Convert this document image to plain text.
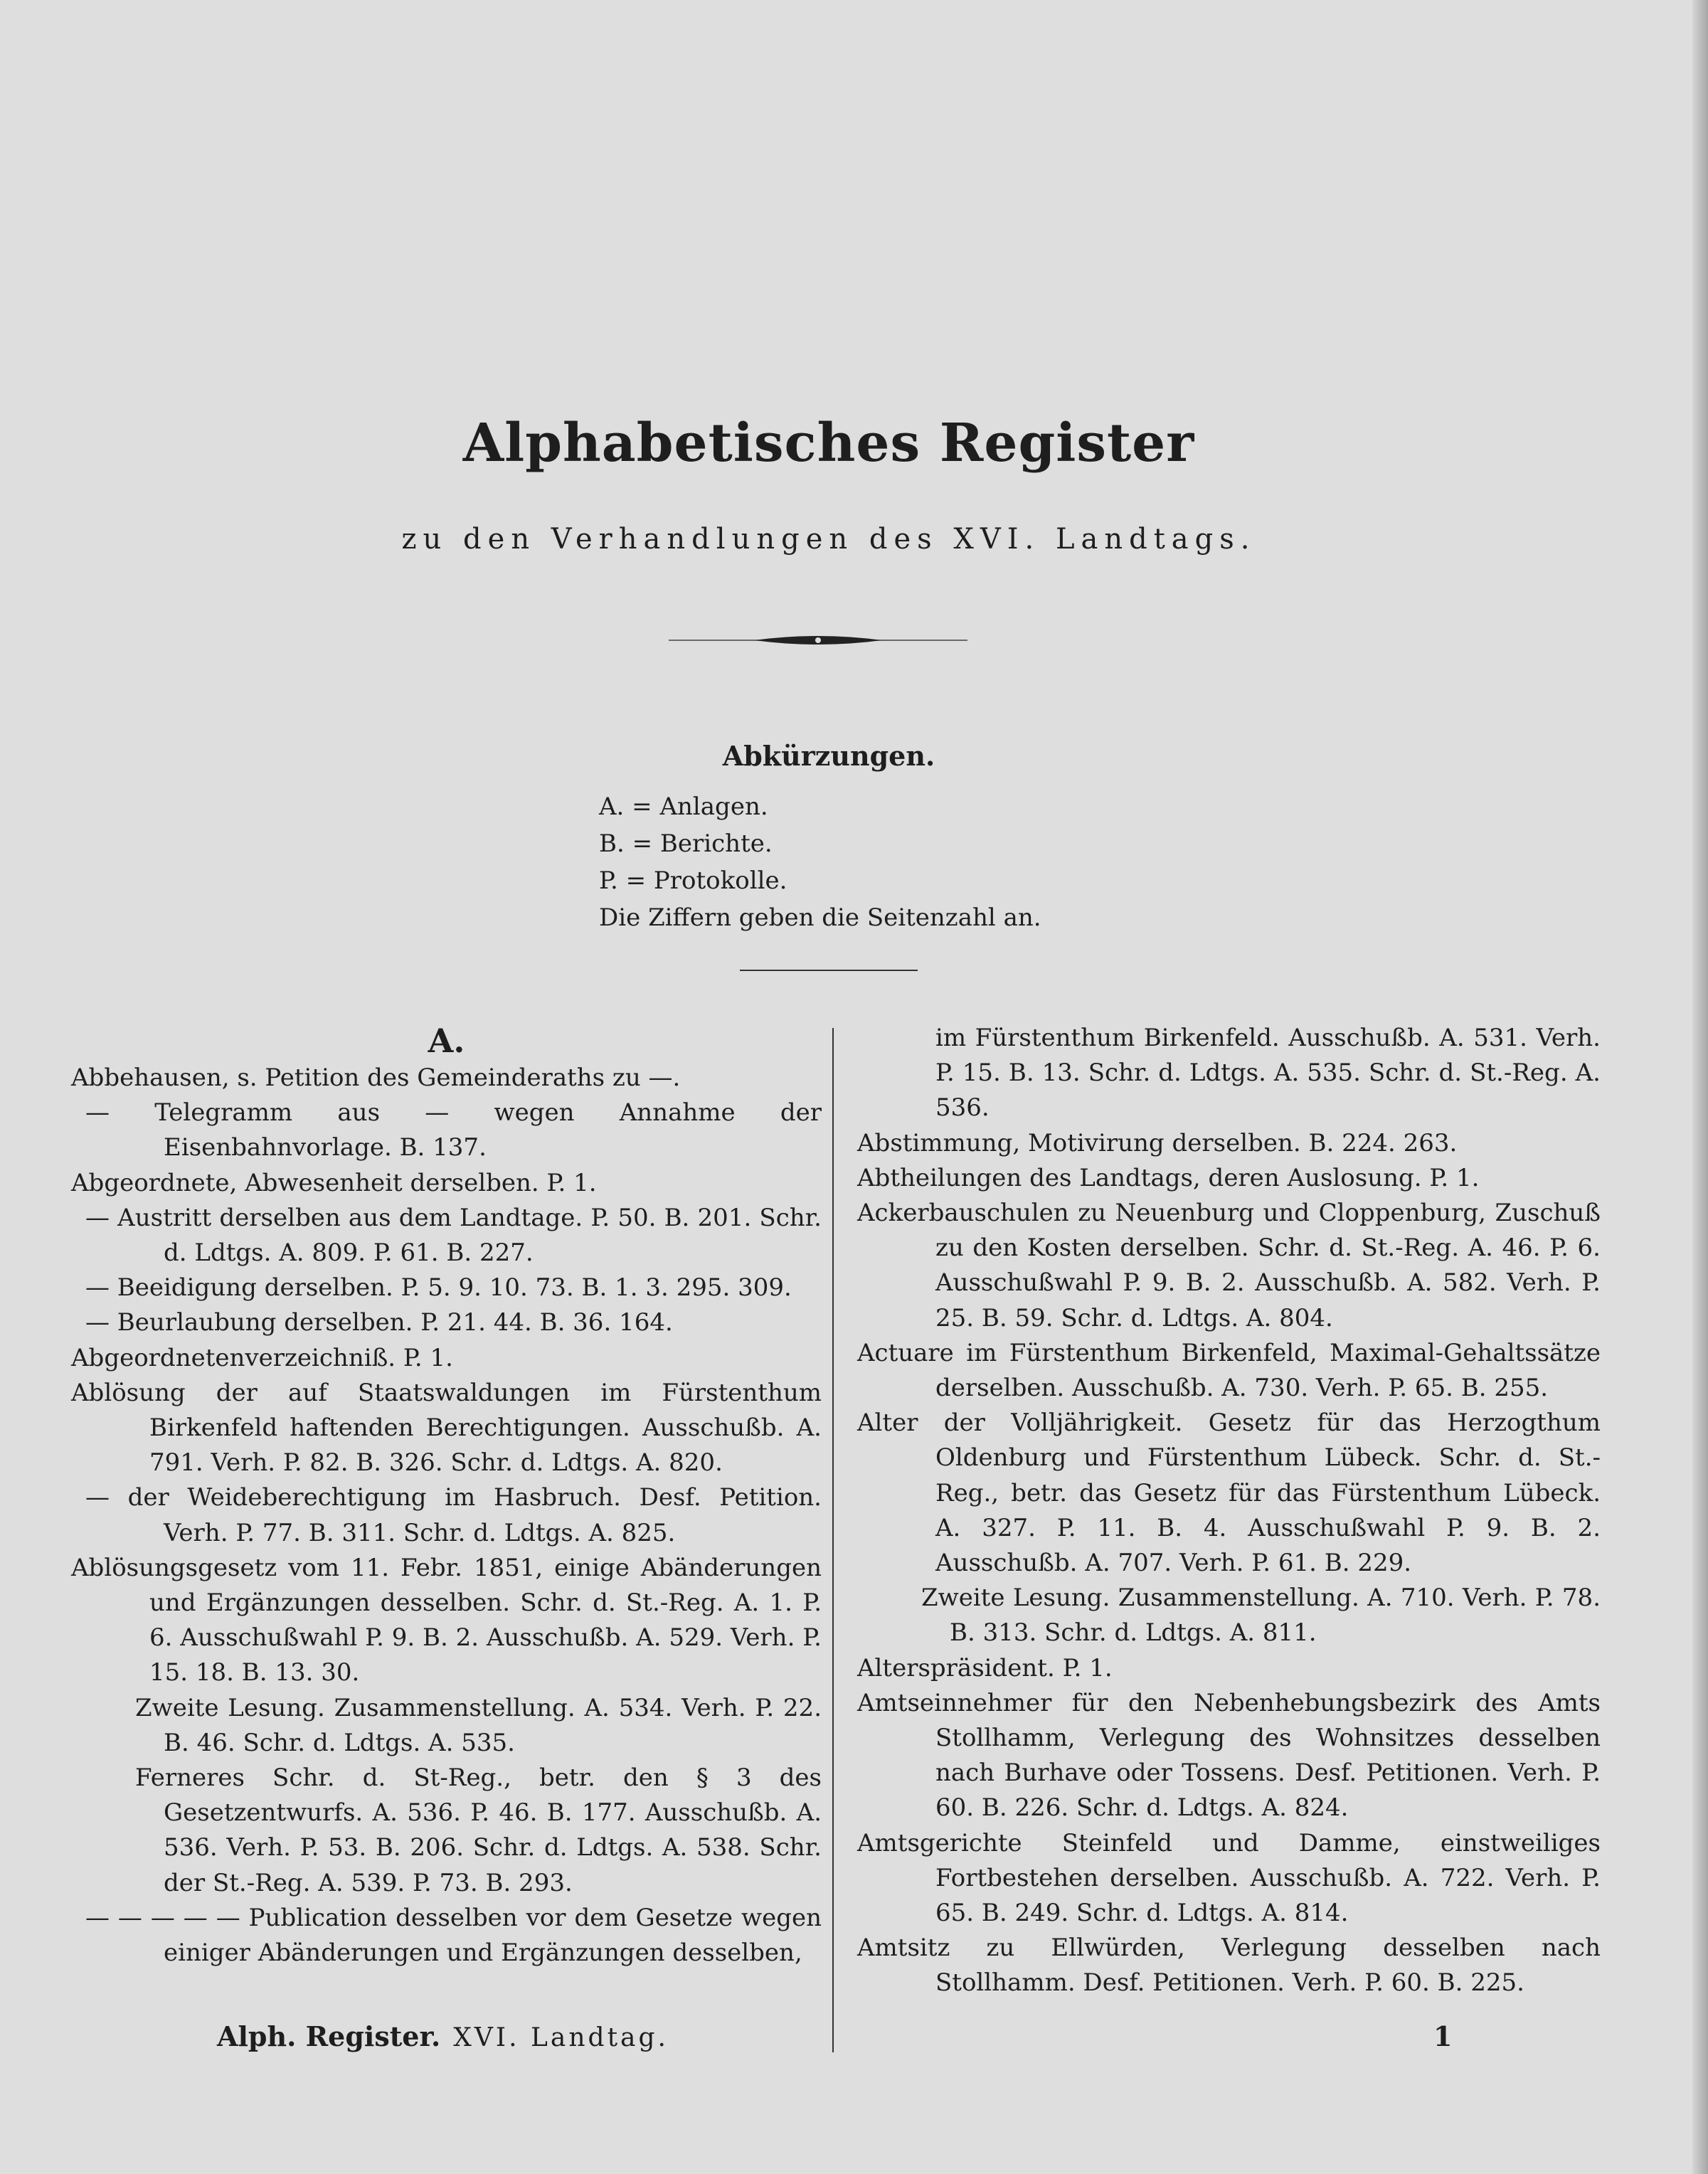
Alphabetisches Register
zu den Verhandlungen des XVI. Landtags.
Abkürzungen.
A. = Anlagen.
B. = Berichte.
P. = Protokolle.
Die Ziffern geben die Seitenzahl an.
A.
Abbehausen, s. Petition des Gemeinderaths zu —.
— Telegramm aus — wegen Annahme der Eisenbahnvorlage. B. 137.
Abgeordnete, Abwesenheit derselben. P. 1.
— Austritt derselben aus dem Landtage. P. 50. B. 201. Schr. d. Ldtgs. A. 809. P. 61. B. 227.
— Beeidigung derselben. P. 5. 9. 10. 73. B. 1. 3. 295. 309.
— Beurlaubung derselben. P. 21. 44. B. 36. 164.
Abgeordnetenverzeichniß. P. 1.
Ablösung der auf Staatswaldungen im Fürstenthum Birkenfeld haftenden Berechtigungen. Ausschußb. A. 791. Verh. P. 82. B. 326. Schr. d. Ldtgs. A. 820.
— der Weideberechtigung im Hasbruch. Desf. Petition. Verh. P. 77. B. 311. Schr. d. Ldtgs. A. 825.
Ablösungsgesetz vom 11. Febr. 1851, einige Abänderungen und Ergänzungen desselben. Schr. d. St.-Reg. A. 1. P. 6. Ausschußwahl P. 9. B. 2. Ausschußb. A. 529. Verh. P. 15. 18. B. 13. 30.
Zweite Lesung. Zusammenstellung. A. 534. Verh. P. 22. B. 46. Schr. d. Ldtgs. A. 535.
Ferneres Schr. d. St-Reg., betr. den § 3 des Gesetzentwurfs. A. 536. P. 46. B. 177. Ausschußb. A. 536. Verh. P. 53. B. 206. Schr. d. Ldtgs. A. 538. Schr. der St.-Reg. A. 539. P. 73. B. 293.
— — — — — Publication desselben vor dem Gesetze wegen einiger Abänderungen und Ergänzungen desselben,
im Fürstenthum Birkenfeld. Ausschußb. A. 531. Verh. P. 15. B. 13. Schr. d. Ldtgs. A. 535. Schr. d. St.-Reg. A. 536.
Abstimmung, Motivirung derselben. B. 224. 263.
Abtheilungen des Landtags, deren Auslosung. P. 1.
Ackerbauschulen zu Neuenburg und Cloppenburg, Zuschuß zu den Kosten derselben. Schr. d. St.-Reg. A. 46. P. 6. Ausschußwahl P. 9. B. 2. Ausschußb. A. 582. Verh. P. 25. B. 59. Schr. d. Ldtgs. A. 804.
Actuare im Fürstenthum Birkenfeld, Maximal-Gehaltssätze derselben. Ausschußb. A. 730. Verh. P. 65. B. 255.
Alter der Volljährigkeit. Gesetz für das Herzogthum Oldenburg und Fürstenthum Lübeck. Schr. d. St.-Reg., betr. das Gesetz für das Fürstenthum Lübeck. A. 327. P. 11. B. 4. Ausschußwahl P. 9. B. 2. Ausschußb. A. 707. Verh. P. 61. B. 229.
Zweite Lesung. Zusammenstellung. A. 710. Verh. P. 78. B. 313. Schr. d. Ldtgs. A. 811.
Alterspräsident. P. 1.
Amtseinnehmer für den Nebenhebungsbezirk des Amts Stollhamm, Verlegung des Wohnsitzes desselben nach Burhave oder Tossens. Desf. Petitionen. Verh. P. 60. B. 226. Schr. d. Ldtgs. A. 824.
Amtsgerichte Steinfeld und Damme, einstweiliges Fortbestehen derselben. Ausschußb. A. 722. Verh. P. 65. B. 249. Schr. d. Ldtgs. A. 814.
Amtsitz zu Ellwürden, Verlegung desselben nach Stollhamm. Desf. Petitionen. Verh. P. 60. B. 225.
Alph. Register. XVI. Landtag.	1
